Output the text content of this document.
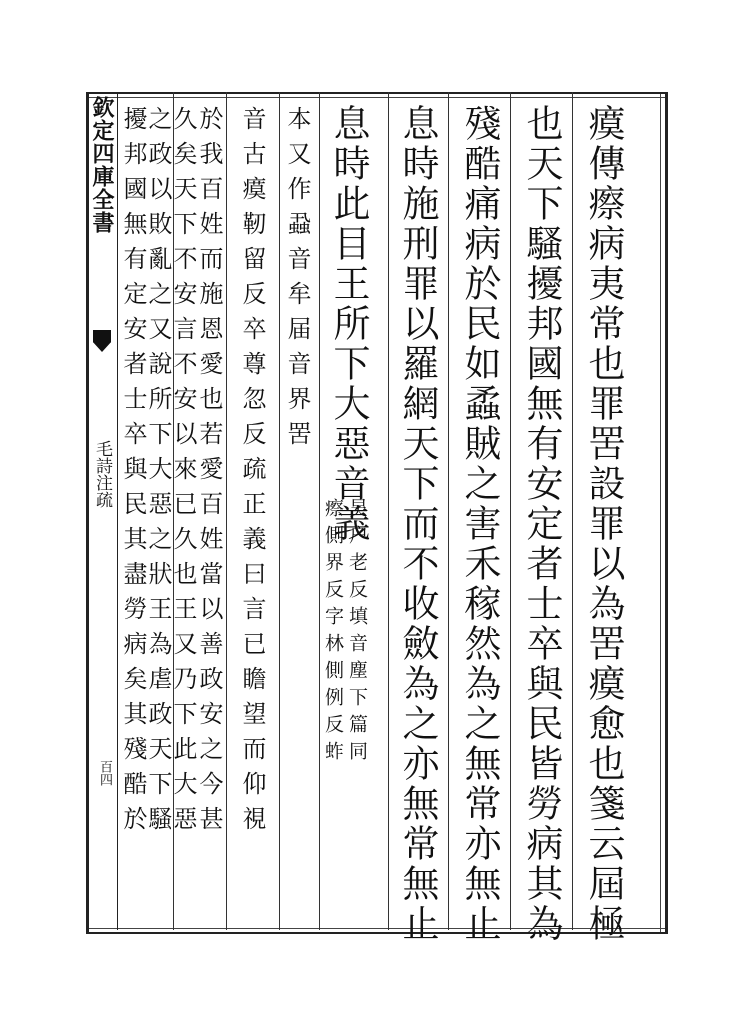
欽定四庫全書
毛詩注疏
百四	瘼傳瘵病夷常也罪罟設罪以為罟瘼愈也箋云屆極
也天下騷擾邦國無有安定者士卒與民皆勞病其為
殘酷痛病於民如蟊賊之害禾稼然為之無常亦無止
息時施刑罪以羅網天下而不收斂為之亦無常無止
息時此目王所下大惡音義
昊户老反填音塵下篇同
瘵側界反字林側例反蚱
本又作蝨音牟届音界罟
音古瘼靭留反卒尊忽反疏正義曰言已瞻望而仰視
於我百姓而施恩愛也若愛百姓當以善政安之今甚
久矣天下不安言不安以來已久也王又乃下此大惡
之政以敗亂之又說所下大惡之狀王為虐政天下騷
擾邦國無有定安者士卒與民其盡勞病矣其殘酷於
